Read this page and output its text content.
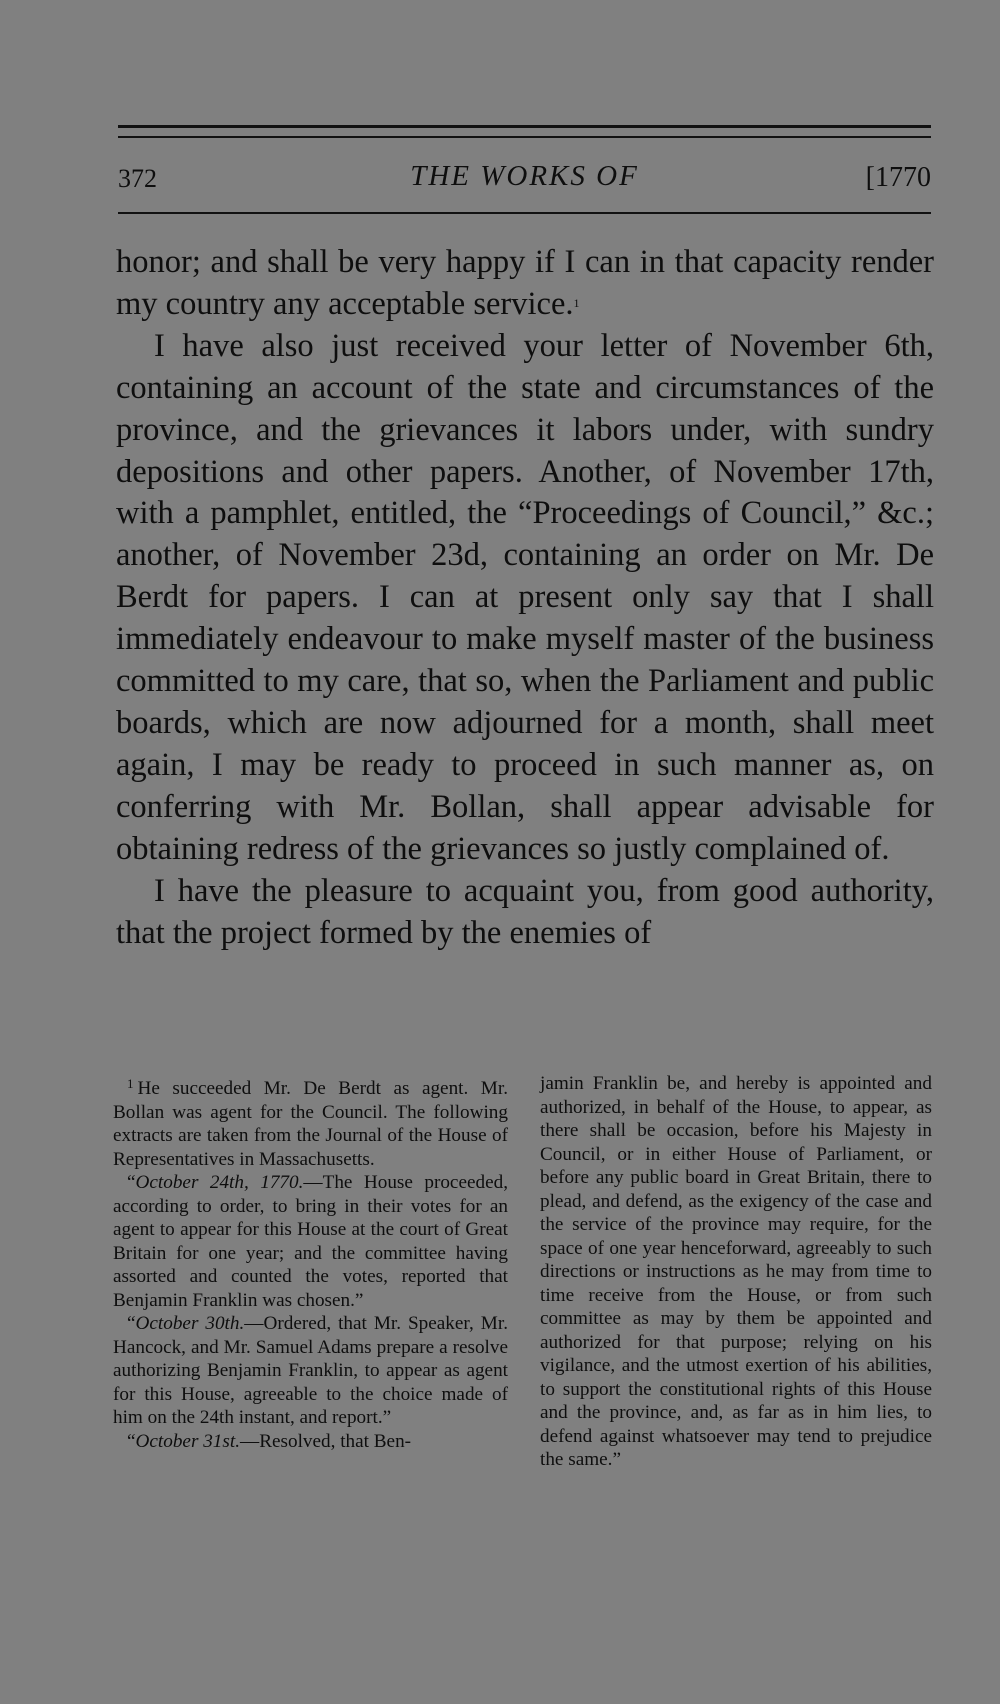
372	THE WORKS OF	[1770

honor; and shall be very happy if I can in that capacity render my country any acceptable service.$^1$

I have also just received your letter of November 6th, containing an account of the state and circumstances of the province, and the grievances it labors under, with sundry depositions and other papers. Another, of November 17th, with a pamphlet, entitled, the “Proceedings of Council,” &c.; another, of November 23d, containing an order on Mr. De Berdt for papers. I can at present only say that I shall immediately endeavour to make myself master of the business committed to my care, that so, when the Parliament and public boards, which are now adjourned for a month, shall meet again, I may be ready to proceed in such manner as, on conferring with Mr. Bollan, shall appear advisable for obtaining redress of the grievances so justly complained of.

I have the pleasure to acquaint you, from good authority, that the project formed by the enemies of

$^1$ He succeeded Mr. De Berdt as agent. Mr. Bollan was agent for the Council. The following extracts are taken from the Journal of the House of Representatives in Massachusetts.

“October 24th, 1770.—The House proceeded, according to order, to bring in their votes for an agent to appear for this House at the court of Great Britain for one year; and the committee having assorted and counted the votes, reported that Benjamin Franklin was chosen.”

“October 30th.—Ordered, that Mr. Speaker, Mr. Hancock, and Mr. Samuel Adams prepare a resolve authorizing Benjamin Franklin, to appear as agent for this House, agreeable to the choice made of him on the 24th instant, and report.”

“October 31st.—Resolved, that Ben-

jamin Franklin be, and hereby is appointed and authorized, in behalf of the House, to appear, as there shall be occasion, before his Majesty in Council, or in either House of Parliament, or before any public board in Great Britain, there to plead, and defend, as the exigency of the case and the service of the province may require, for the space of one year henceforward, agreeably to such directions or instructions as he may from time to time receive from the House, or from such committee as may by them be appointed and authorized for that purpose; relying on his vigilance, and the utmost exertion of his abilities, to support the constitutional rights of this House and the province, and, as far as in him lies, to defend against whatsoever may tend to prejudice the same.”
